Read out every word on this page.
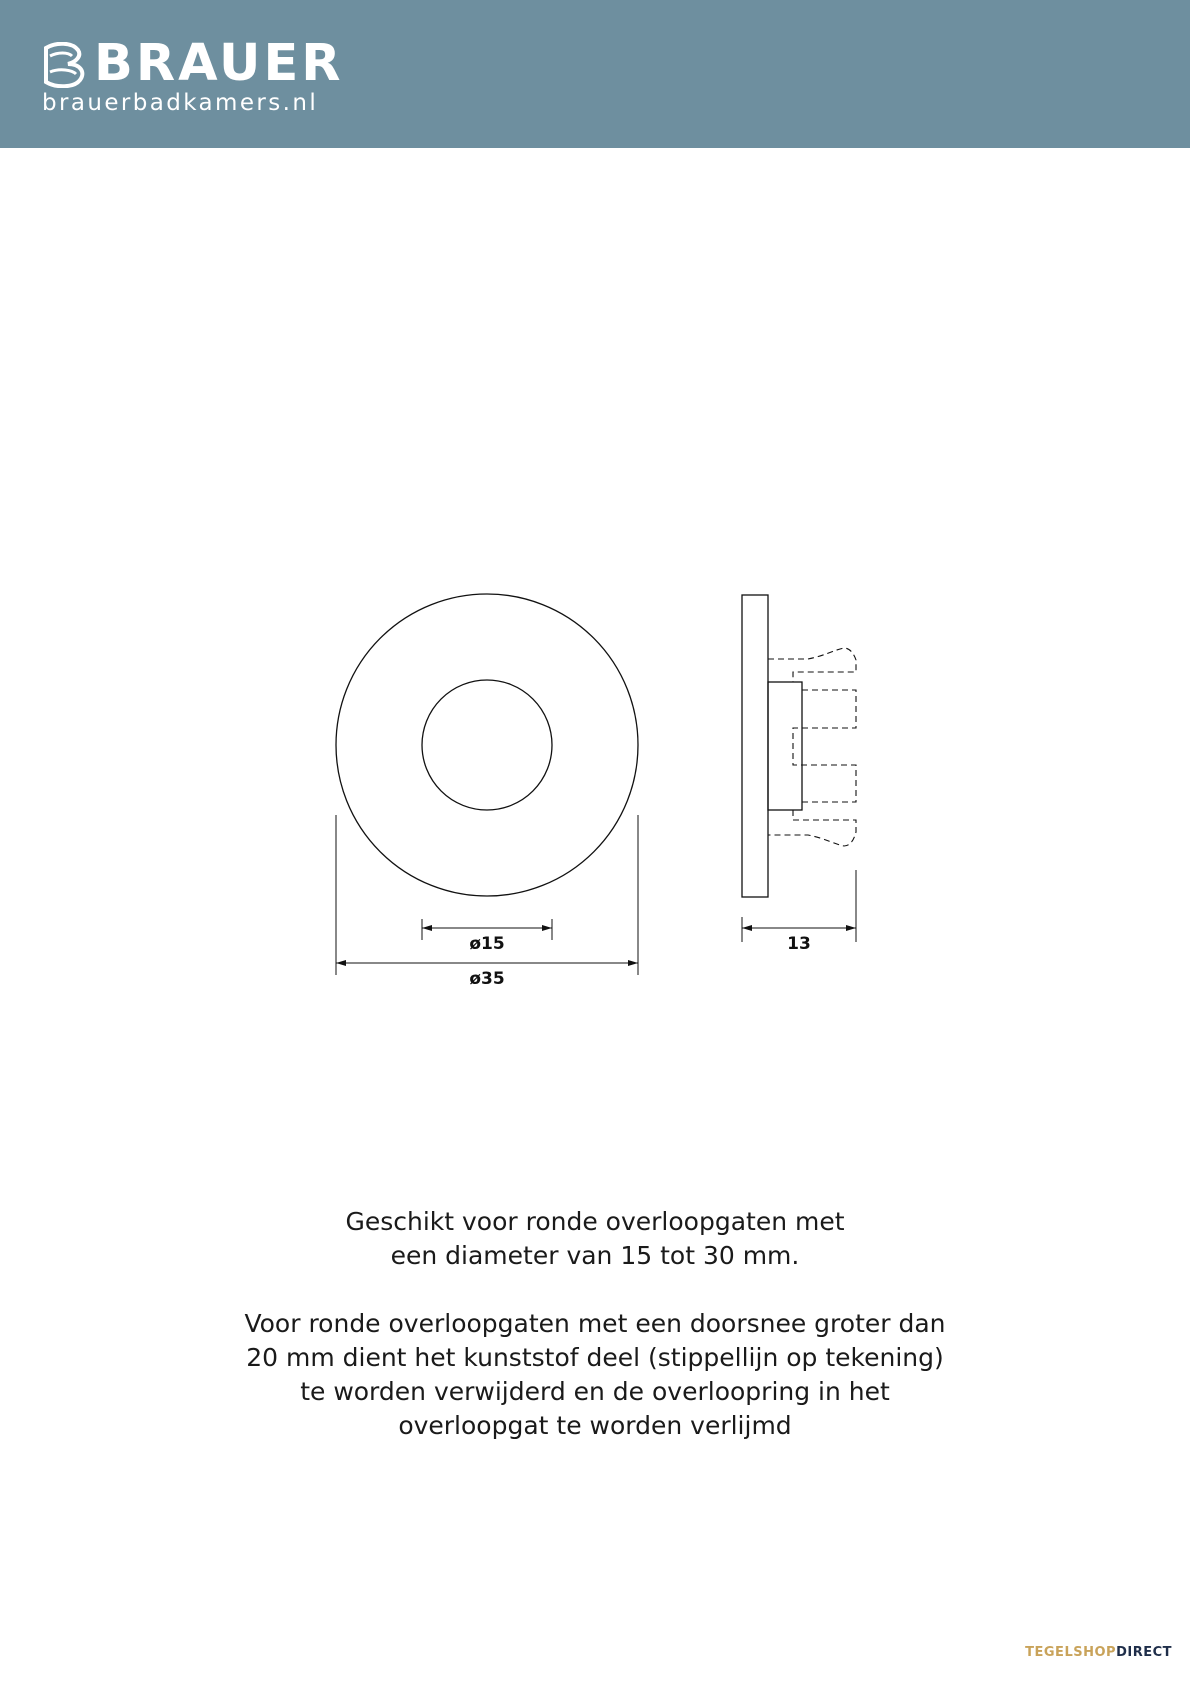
BRAUER
brauerbadkamers.nl
ø15
ø35
13

Geschikt voor ronde overloopgaten met

een diameter van 15 tot 30 mm.

Voor ronde overloopgaten met een doorsnee groter dan

20 mm dient het kunststof deel (stippellijn op tekening)

te worden verwijderd en de overloopring in het

overloopgat te worden verlijmd

TEGELSHOPDIRECT
